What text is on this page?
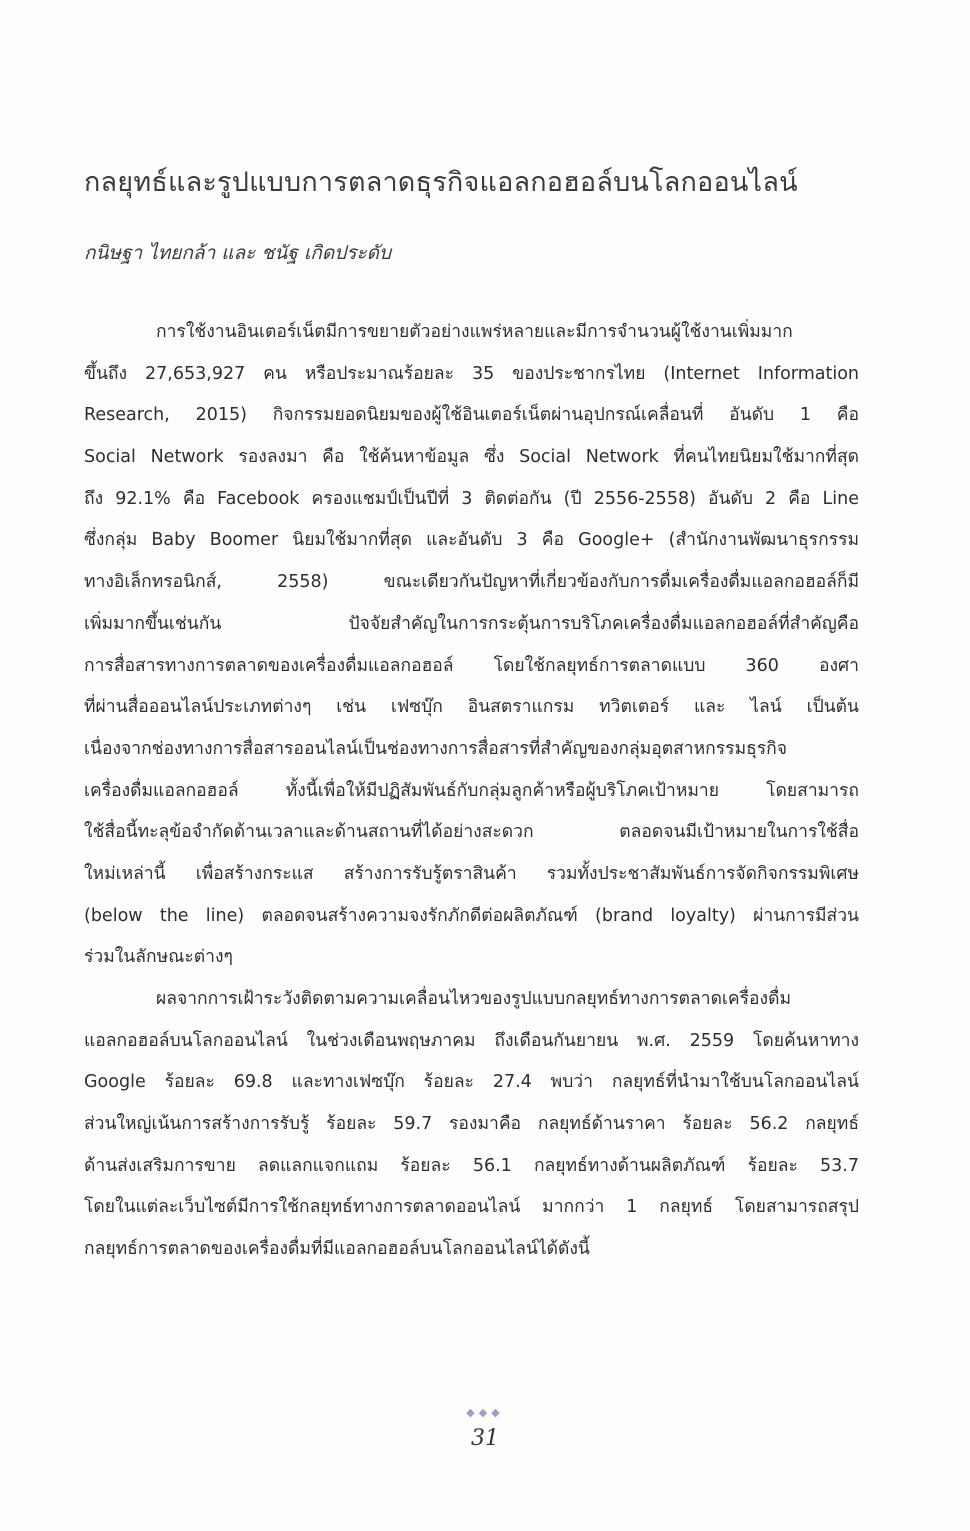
กลยุทธ์และรูปแบบการตลาดธุรกิจแอลกอฮอล์บนโลกออนไลน์
กนิษฐา ไทยกล้า และ ชนัฐ เกิดประดับ
การใช้งานอินเตอร์เน็ตมีการขยายตัวอย่างแพร่หลายและมีการจำนวนผู้ใช้งานเพิ่มมาก
ขึ้นถึง 27,653,927 คน หรือประมาณร้อยละ 35 ของประชากรไทย (Internet Information
Research, 2015) กิจกรรมยอดนิยมของผู้ใช้อินเตอร์เน็ตผ่านอุปกรณ์เคลื่อนที่ อันดับ 1 คือ
Social Network รองลงมา คือ ใช้ค้นหาข้อมูล ซึ่ง Social Network ที่คนไทยนิยมใช้มากที่สุด
ถึง 92.1% คือ Facebook ครองแชมป์เป็นปีที่ 3 ติดต่อกัน (ปี 2556-2558) อันดับ 2 คือ Line
ซึ่งกลุ่ม Baby Boomer นิยมใช้มากที่สุด และอันดับ 3 คือ Google+ (สำนักงานพัฒนาธุรกรรม
ทางอิเล็กทรอนิกส์, 2558) ขณะเดียวกันปัญหาที่เกี่ยวข้องกับการดื่มเครื่องดื่มแอลกอฮอล์ก็มี
เพิ่มมากขึ้นเช่นกัน ปัจจัยสำคัญในการกระตุ้นการบริโภคเครื่องดื่มแอลกอฮอล์ที่สำคัญคือ
การสื่อสารทางการตลาดของเครื่องดื่มแอลกอฮอล์ โดยใช้กลยุทธ์การตลาดแบบ 360 องศา
ที่ผ่านสื่อออนไลน์ประเภทต่างๆ เช่น เฟซบุ๊ก อินสตราแกรม ทวิตเตอร์ และ ไลน์ เป็นต้น
เนื่องจากช่องทางการสื่อสารออนไลน์เป็นช่องทางการสื่อสารที่สำคัญของกลุ่มอุตสาหกรรมธุรกิจ
เครื่องดื่มแอลกอฮอล์ ทั้งนี้เพื่อให้มีปฏิสัมพันธ์กับกลุ่มลูกค้าหรือผู้บริโภคเป้าหมาย โดยสามารถ
ใช้สื่อนี้ทะลุข้อจำกัดด้านเวลาและด้านสถานที่ได้อย่างสะดวก ตลอดจนมีเป้าหมายในการใช้สื่อ
ใหม่เหล่านี้ เพื่อสร้างกระแส สร้างการรับรู้ตราสินค้า รวมทั้งประชาสัมพันธ์การจัดกิจกรรมพิเศษ
(below the line) ตลอดจนสร้างความจงรักภักดีต่อผลิตภัณฑ์ (brand loyalty) ผ่านการมีส่วน
ร่วมในลักษณะต่างๆ
ผลจากการเฝ้าระวังติดตามความเคลื่อนไหวของรูปแบบกลยุทธ์ทางการตลาดเครื่องดื่ม
แอลกอฮอล์บนโลกออนไลน์ ในช่วงเดือนพฤษภาคม ถึงเดือนกันยายน พ.ศ. 2559 โดยค้นหาทาง
Google ร้อยละ 69.8 และทางเฟซบุ๊ก ร้อยละ 27.4 พบว่า กลยุทธ์ที่นำมาใช้บนโลกออนไลน์
ส่วนใหญ่เน้นการสร้างการรับรู้ ร้อยละ 59.7 รองมาคือ กลยุทธ์ด้านราคา ร้อยละ 56.2 กลยุทธ์
ด้านส่งเสริมการขาย ลดแลกแจกแถม ร้อยละ 56.1 กลยุทธ์ทางด้านผลิตภัณฑ์ ร้อยละ 53.7
โดยในแต่ละเว็บไซต์มีการใช้กลยุทธ์ทางการตลาดออนไลน์ มากกว่า 1 กลยุทธ์ โดยสามารถสรุป
กลยุทธ์การตลาดของเครื่องดื่มที่มีแอลกอฮอล์บนโลกออนไลน์ได้ดังนี้
◆◆◆
31
